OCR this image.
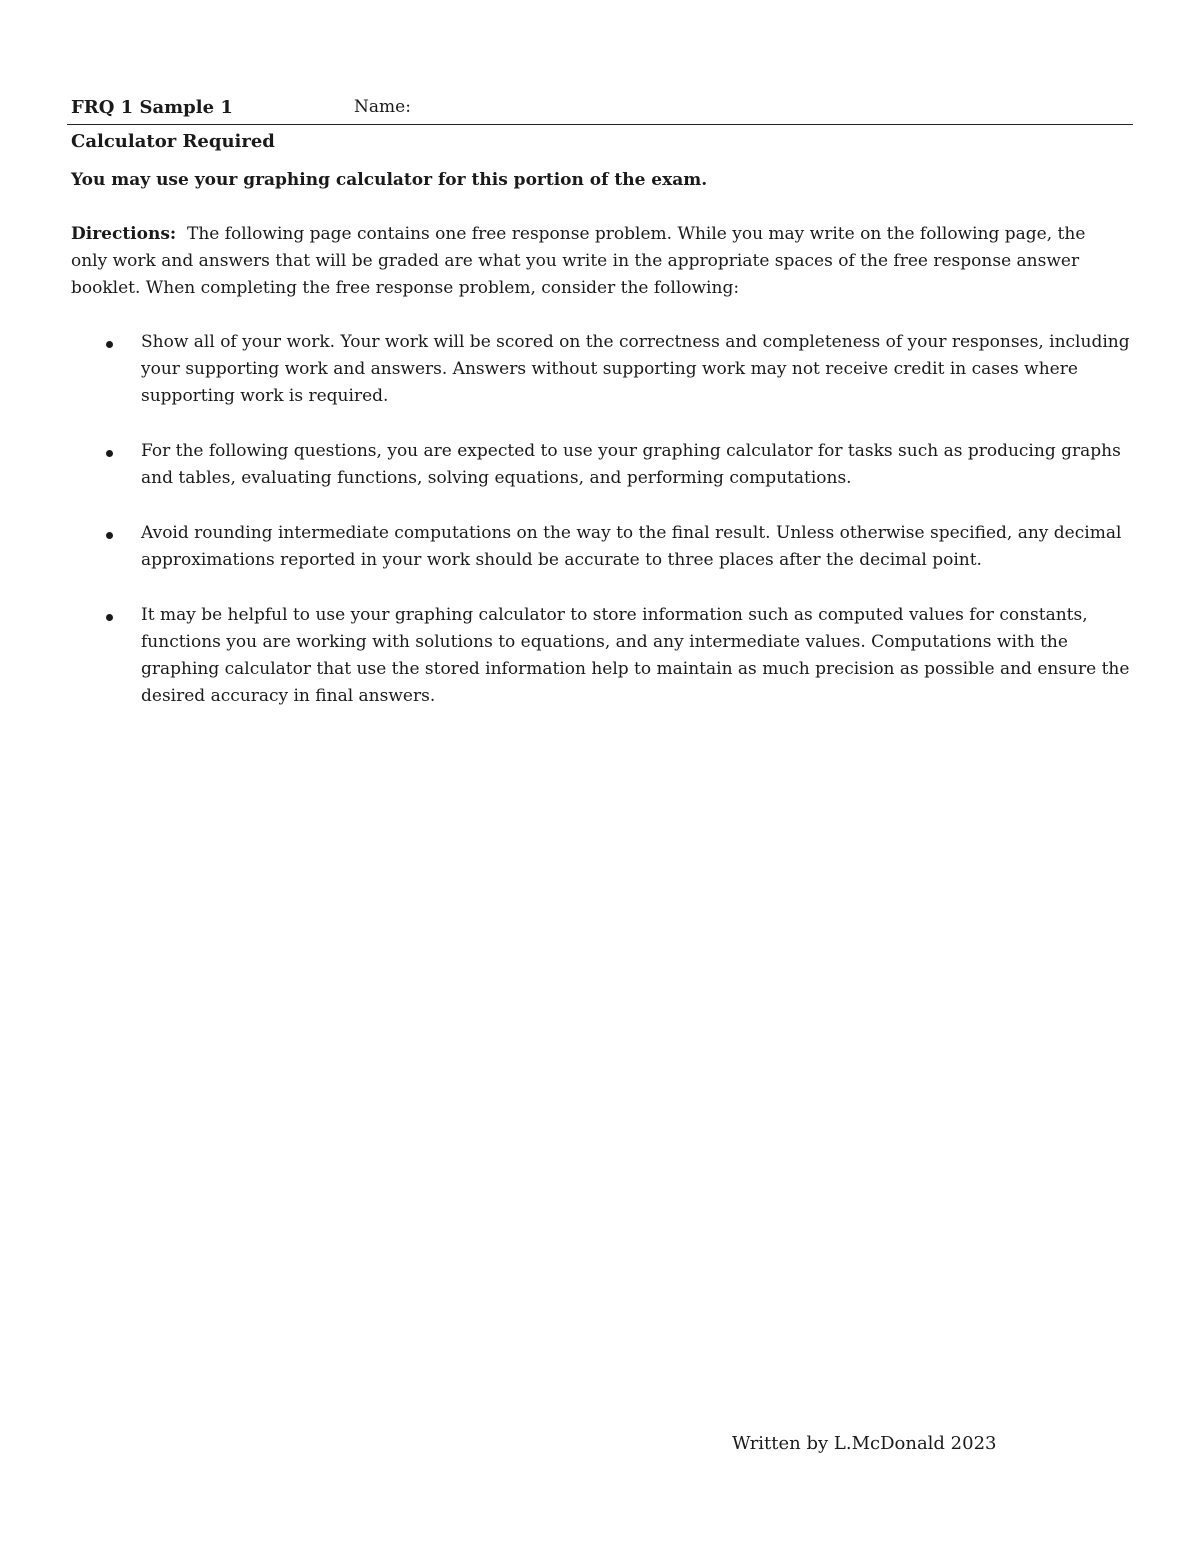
FRQ 1 Sample 1	Name:
Calculator Required
You may use your graphing calculator for this portion of the exam.
Directions: The following page contains one free response problem. While you may write on the following page, the only work and answers that will be graded are what you write in the appropriate spaces of the free response answer booklet. When completing the free response problem, consider the following:
Show all of your work. Your work will be scored on the correctness and completeness of your responses, including your supporting work and answers. Answers without supporting work may not receive credit in cases where supporting work is required.
For the following questions, you are expected to use your graphing calculator for tasks such as producing graphs and tables, evaluating functions, solving equations, and performing computations.
Avoid rounding intermediate computations on the way to the final result. Unless otherwise specified, any decimal approximations reported in your work should be accurate to three places after the decimal point.
It may be helpful to use your graphing calculator to store information such as computed values for constants, functions you are working with solutions to equations, and any intermediate values. Computations with the graphing calculator that use the stored information help to maintain as much precision as possible and ensure the desired accuracy in final answers.
Written by L.McDonald 2023
